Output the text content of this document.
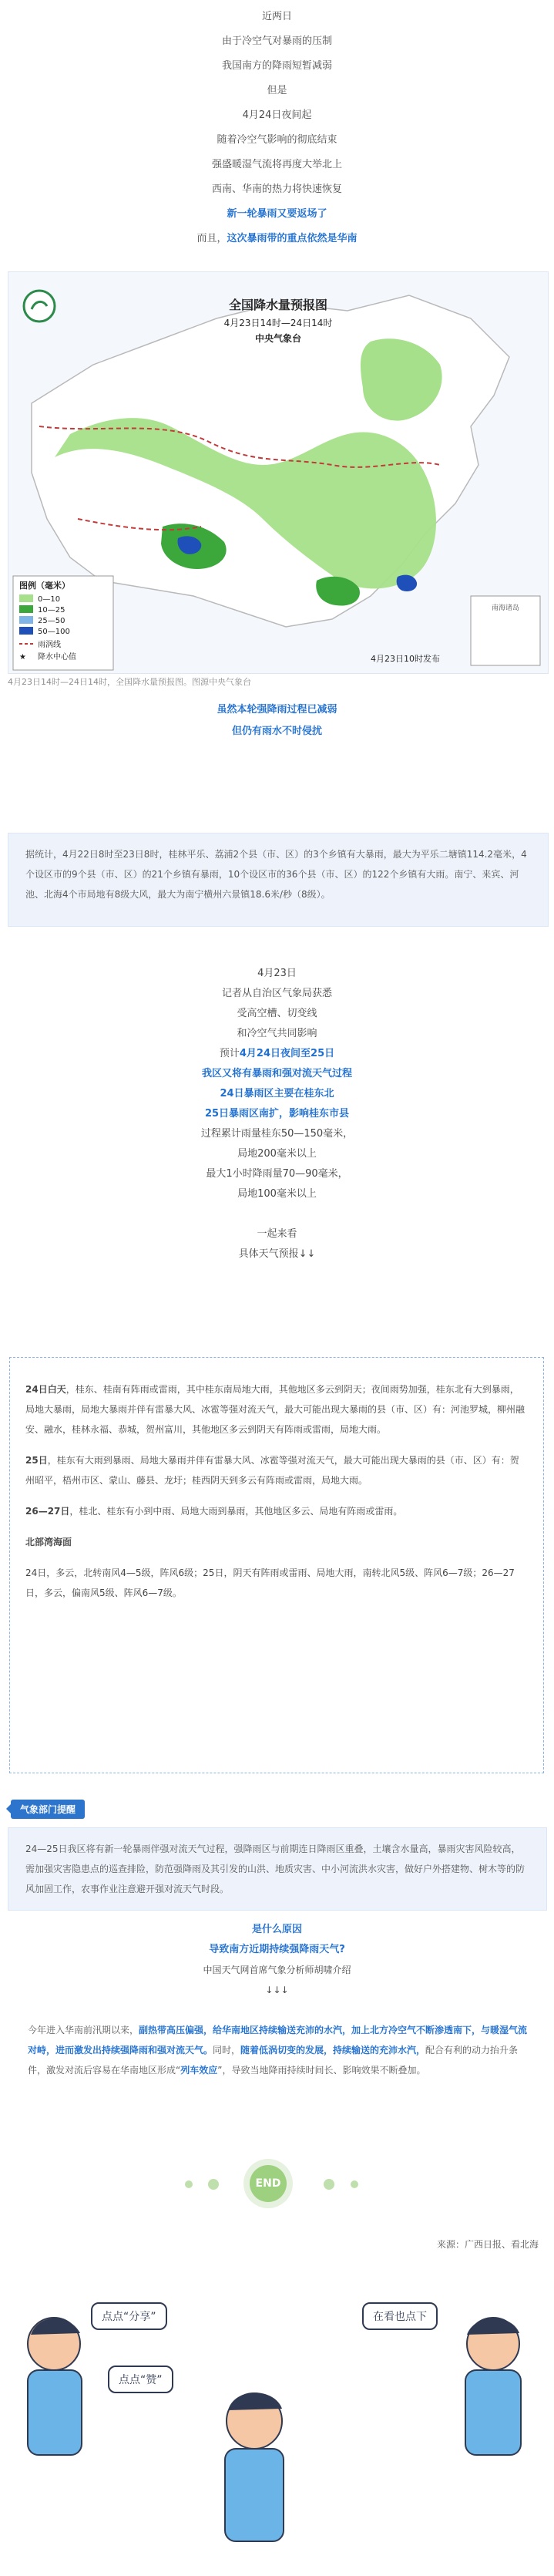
近两日

由于冷空气对暴雨的压制

我国南方的降雨短暂减弱

但是

4月24日夜间起

随着冷空气影响的彻底结束

强盛暖湿气流将再度大举北上

西南、华南的热力将快速恢复

新一轮暴雨又要返场了

而且，这次暴雨带的重点依然是华南

全国降水量预报图
4月23日14时—24日14时
中央气象台
图例（毫米）
0—10
10—25
25—50
50—100
雨涡线
★ 降水中心值
南海诸岛
4月23日10时发布
4月23日14时—24日14时，全国降水量预报图。图源中央气象台
虽然本轮强降雨过程已减弱
但仍有雨水不时侵扰
据统计，4月22日8时至23日8时，桂林平乐、荔浦2个县（市、区）的3个乡镇有大暴雨，最大为平乐二塘镇114.2毫米，4个设区市的9个县（市、区）的21个乡镇有暴雨，10个设区市的36个县（市、区）的122个乡镇有大雨。南宁、来宾、河池、北海4个市局地有8级大风，最大为南宁横州六景镇18.6米/秒（8级）。
4月23日
记者从自治区气象局获悉
受高空槽、切变线
和冷空气共同影响
预计4月24日夜间至25日
我区又将有暴雨和强对流天气过程
24日暴雨区主要在桂东北
25日暴雨区南扩，影响桂东市县
过程累计雨量桂东50—150毫米，
局地200毫米以上
最大1小时降雨量70—90毫米，
局地100毫米以上
一起来看
具体天气预报↓↓

24日白天，桂东、桂南有阵雨或雷雨，其中桂东南局地大雨，其他地区多云到阴天；夜间雨势加强，桂东北有大到暴雨，局地大暴雨，局地大暴雨并伴有雷暴大风、冰雹等强对流天气，最大可能出现大暴雨的县（市、区）有：河池罗城，柳州融安、融水，桂林永福、恭城，贺州富川，其他地区多云到阴天有阵雨或雷雨，局地大雨。

25日，桂东有大雨到暴雨、局地大暴雨并伴有雷暴大风、冰雹等强对流天气，最大可能出现大暴雨的县（市、区）有：贺州昭平，梧州市区、蒙山、藤县、龙圩；桂西阴天到多云有阵雨或雷雨，局地大雨。

26—27日，桂北、桂东有小到中雨、局地大雨到暴雨，其他地区多云、局地有阵雨或雷雨。

北部湾海面

24日，多云，北转南风4—5级，阵风6级；25日，阴天有阵雨或雷雨、局地大雨，南转北风5级、阵风6—7级；26—27日，多云，偏南风5级、阵风6—7级。

气象部门提醒
24—25日我区将有新一轮暴雨伴强对流天气过程，强降雨区与前期连日降雨区重叠，土壤含水量高，暴雨灾害风险较高，需加强灾害隐患点的巡查排险，防范强降雨及其引发的山洪、地质灾害、中小河流洪水灾害，做好户外搭建物、树木等的防风加固工作，农事作业注意避开强对流天气时段。
是什么原因
导致南方近期持续强降雨天气?
中国天气网首席气象分析师胡啸介绍
↓↓↓
今年进入华南前汛期以来，副热带高压偏强，给华南地区持续输送充沛的水汽，加上北方冷空气不断渗透南下，与暖湿气流对峙，进而激发出持续强降雨和强对流天气。同时，随着低涡切变的发展，持续输送的充沛水汽，配合有利的动力抬升条件，激发对流后容易在华南地区形成“列车效应”，导致当地降雨持续时间长、影响效果不断叠加。
END
来源：广西日报、看北海
点点“分享”	在看也点下
点点“赞”
